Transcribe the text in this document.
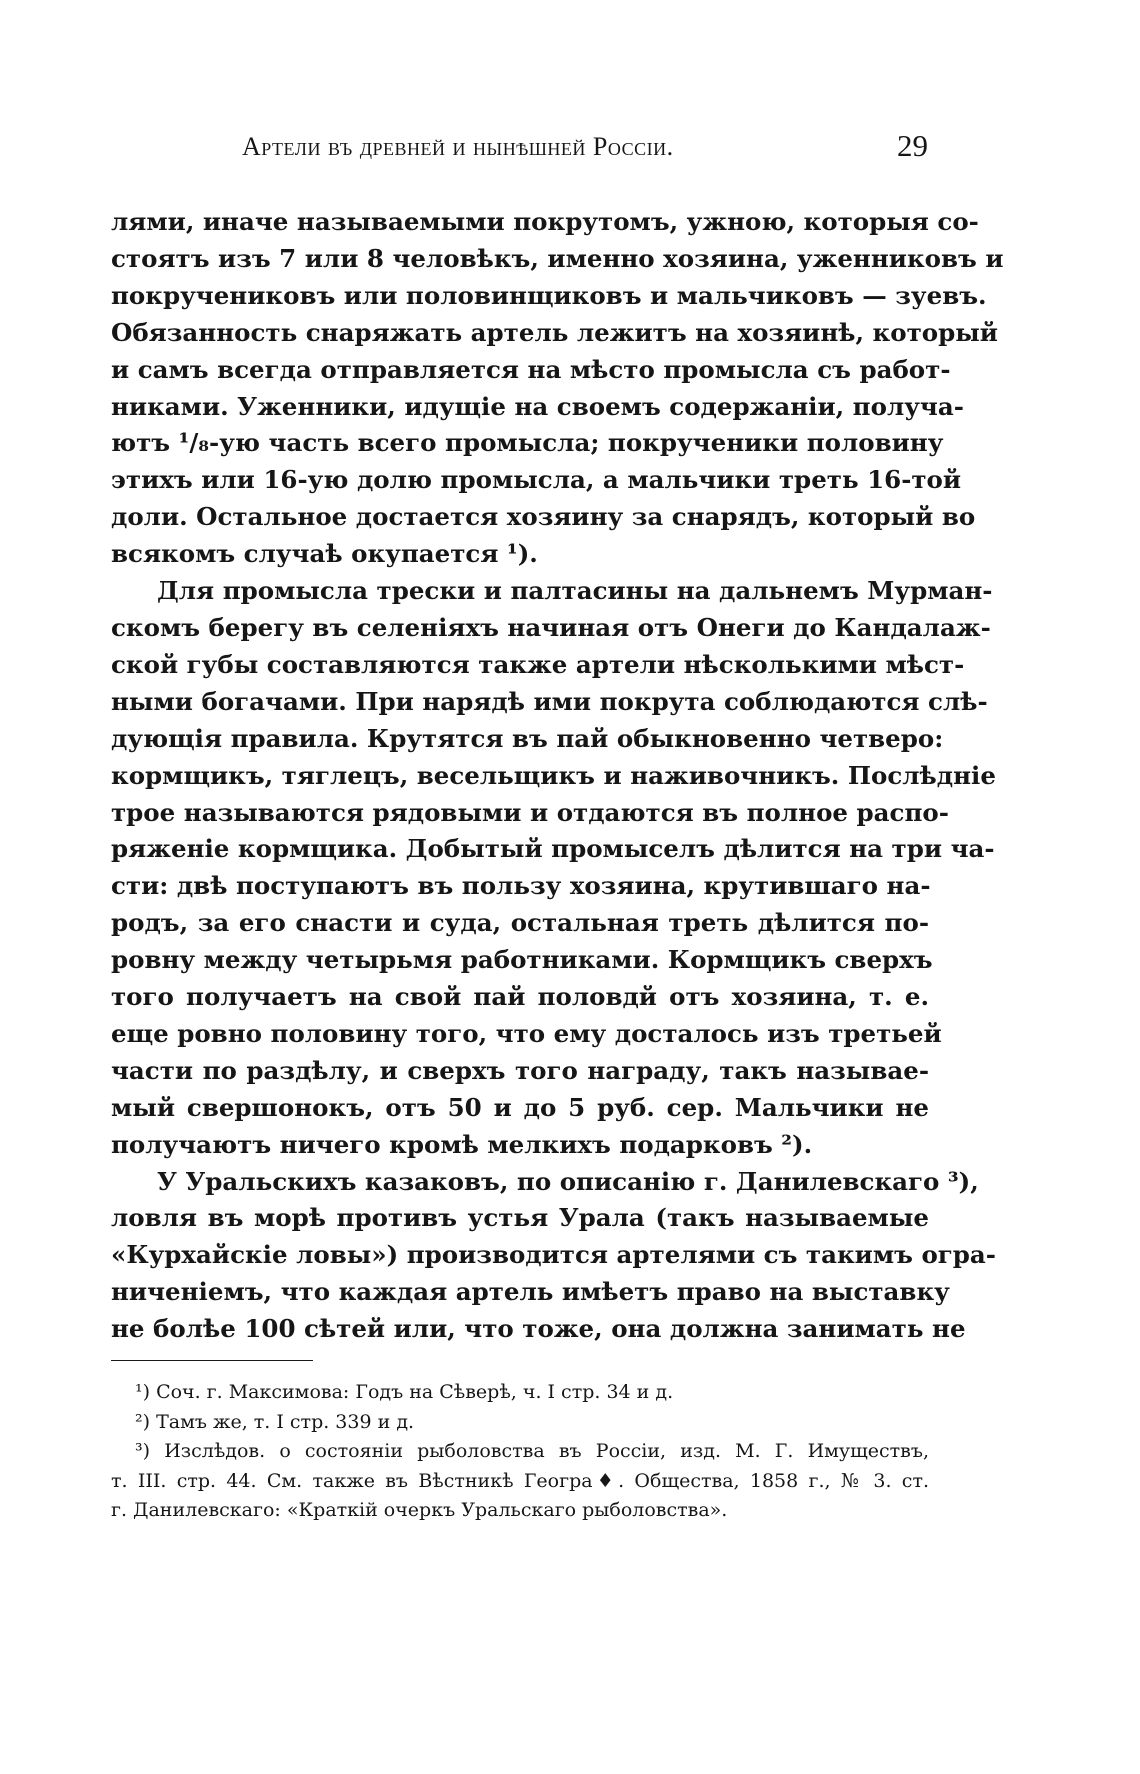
Артели въ древней и нынѣшней Россіи.	29
лями, иначе называемыми покрутомъ, ужною, которыя со-
стоятъ изъ 7 или 8 человѣкъ, именно хозяина, уженниковъ и
покручениковъ или половинщиковъ и мальчиковъ — зуевъ.
Обязанность снаряжать артель лежитъ на хозяинѣ, который
и самъ всегда отправляется на мѣсто промысла съ работ-
никами. Уженники, идущіе на своемъ содержаніи, получа-
ютъ ¹/₈-ую часть всего промысла; покрученики половину
этихъ или 16-ую долю промысла, а мальчики треть 16-той
доли. Остальное достается хозяину за снарядъ, который во
всякомъ случаѣ окупается ¹).
Для промысла трески и палтасины на дальнемъ Мурман-
скомъ берегу въ селеніяхъ начиная отъ Онеги до Кандалаж-
ской губы составляются также артели нѣсколькими мѣст-
ными богачами. При нарядѣ ими покрута соблюдаются слѣ-
дующія правила. Крутятся въ пай обыкновенно четверо:
кормщикъ, тяглецъ, весельщикъ и наживочникъ. Послѣдніе
трое называются рядовыми и отдаются въ полное распо-
ряженіе кормщика. Добытый промыселъ дѣлится на три ча-
сти: двѣ поступаютъ въ пользу хозяина, крутившаго на-
родъ, за его снасти и суда, остальная треть дѣлится по-
ровну между четырьмя работниками. Кормщикъ сверхъ
того получаетъ на свой пай половдй отъ хозяина, т. е.
еще ровно половину того, что ему досталось изъ третьей
части по раздѣлу, и сверхъ того награду, такъ называе-
мый свершонокъ, отъ 50 и до 5 руб. сер. Мальчики не
получаютъ ничего кромѣ мелкихъ подарковъ ²).
У Уральскихъ казаковъ, по описанію г. Данилевскаго ³),
ловля въ морѣ противъ устья Урала (такъ называемые
«Курхайскіе ловы») производится артелями съ такимъ огра-
ниченіемъ, что каждая артель имѣетъ право на выставку
не болѣе 100 сѣтей или, что тоже, она должна занимать не
¹) Соч. г. Максимова: Годъ на Сѣверѣ, ч. I стр. 34 и д.
²) Тамъ же, т. I стр. 339 и д.
³) Изслѣдов. о состояніи рыболовства въ Россіи, изд. М. Г. Имуществъ,
т. III. стр. 44. См. также въ Вѣстникѣ Геогра♦. Общества, 1858 г., № 3. ст.
г. Данилевскаго: «Краткій очеркъ Уральскаго рыболовства».
